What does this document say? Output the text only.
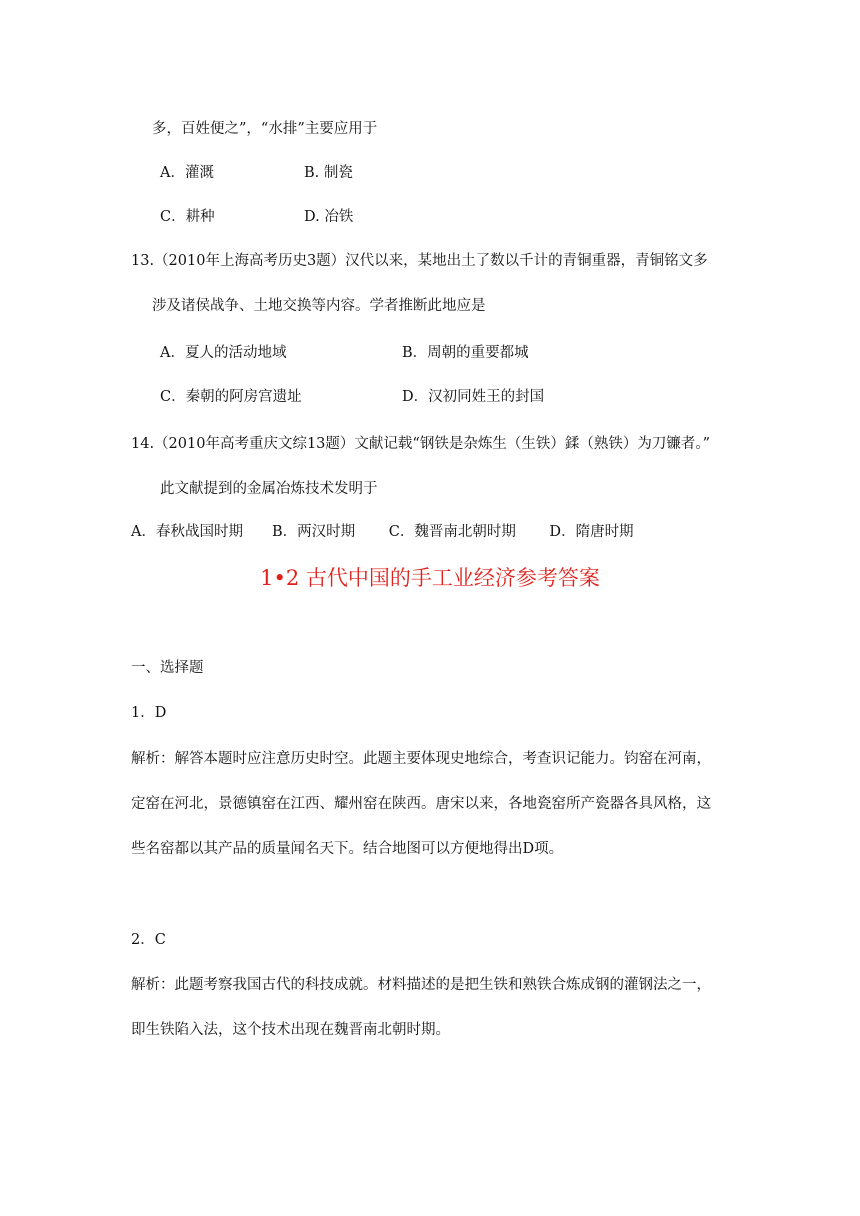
多，百姓便之”，“水排”主要应用于
A．灌溉	B. 制瓷
C．耕种	D. 冶铁
13.（2010年上海高考历史3题）汉代以来，某地出土了数以千计的青铜重器，青铜铭文多
涉及诸侯战争、土地交换等内容。学者推断此地应是
A．夏人的活动地域	B．周朝的重要都城
C．秦朝的阿房宫遗址	D．汉初同姓王的封国
14.（2010年高考重庆文综13题）文献记载“钢铁是杂炼生（生铁）鍒（熟铁）为刀镰者。”
此文献提到的金属冶炼技术发明于
A．春秋战国时期　　B．两汉时期　　 C．魏晋南北朝时期　　 D．隋唐时期
1•2 古代中国的手工业经济参考答案
一、选择题
1．D
解析：解答本题时应注意历史时空。此题主要体现史地综合，考查识记能力。钧窑在河南，
定窑在河北，景德镇窑在江西、耀州窑在陕西。唐宋以来，各地瓷窑所产瓷器各具风格，这
些名窑都以其产品的质量闻名天下。结合地图可以方便地得出D项。
2．C
解析：此题考察我国古代的科技成就。材料描述的是把生铁和熟铁合炼成钢的灌钢法之一，
即生铁陷入法，这个技术出现在魏晋南北朝时期。
